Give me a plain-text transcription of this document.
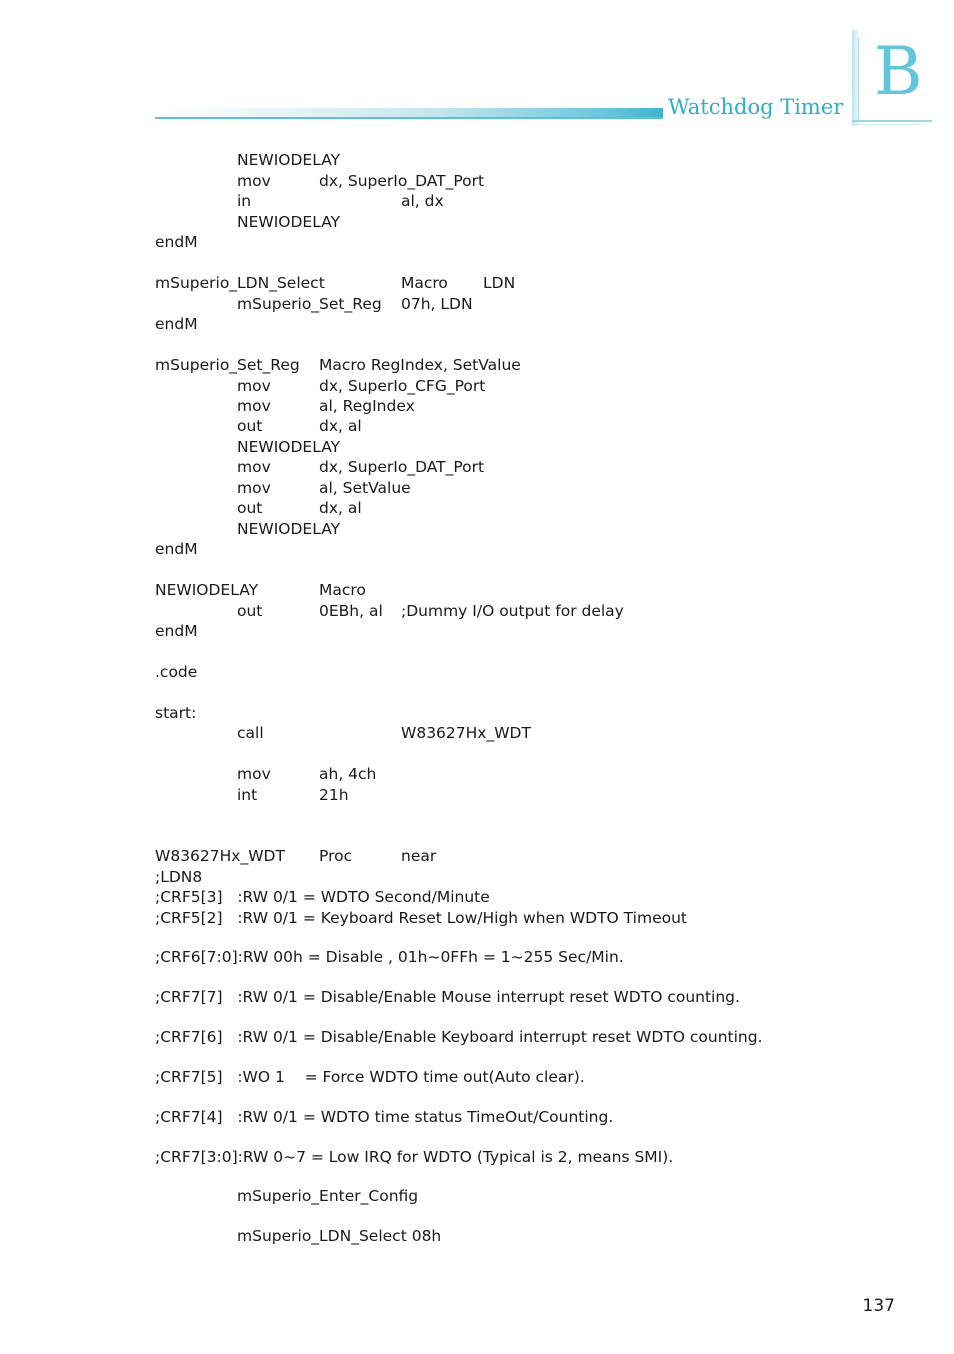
Watchdog Timer B
NEWIODELAY
mov	dx, SuperIo_DAT_Port
in	al, dx
NEWIODELAY
endM
mSuperio_LDN_Select	Macro LDN
mSuperio_Set_Reg 07h, LDN
endM
mSuperio_Set_Reg Macro RegIndex, SetValue
mov	dx, SuperIo_CFG_Port
mov	al, RegIndex
out	dx, al
NEWIODELAY
mov	dx, SuperIo_DAT_Port
mov	al, SetValue
out	dx, al
NEWIODELAY
endM
NEWIODELAY	Macro
out	0EBh, al ;Dummy I/O output for delay
endM
.code
start:
call	W83627Hx_WDT
mov	ah, 4ch
int	21h
W83627Hx_WDT Proc	near
;LDN8
;CRF5[3]   :RW 0/1 = WDTO Second/Minute
;CRF5[2]   :RW 0/1 = Keyboard Reset Low/High when WDTO Timeout
;CRF6[7:0]:RW 00h = Disable , 01h~0FFh = 1~255 Sec/Min.
;CRF7[7]   :RW 0/1 = Disable/Enable Mouse interrupt reset WDTO counting.
;CRF7[6]   :RW 0/1 = Disable/Enable Keyboard interrupt reset WDTO counting.
;CRF7[5]   :WO 1    = Force WDTO time out(Auto clear).
;CRF7[4]   :RW 0/1 = WDTO time status TimeOut/Counting.
;CRF7[3:0]:RW 0~7 = Low IRQ for WDTO (Typical is 2, means SMI).
mSuperio_Enter_Config
mSuperio_LDN_Select 08h
137
